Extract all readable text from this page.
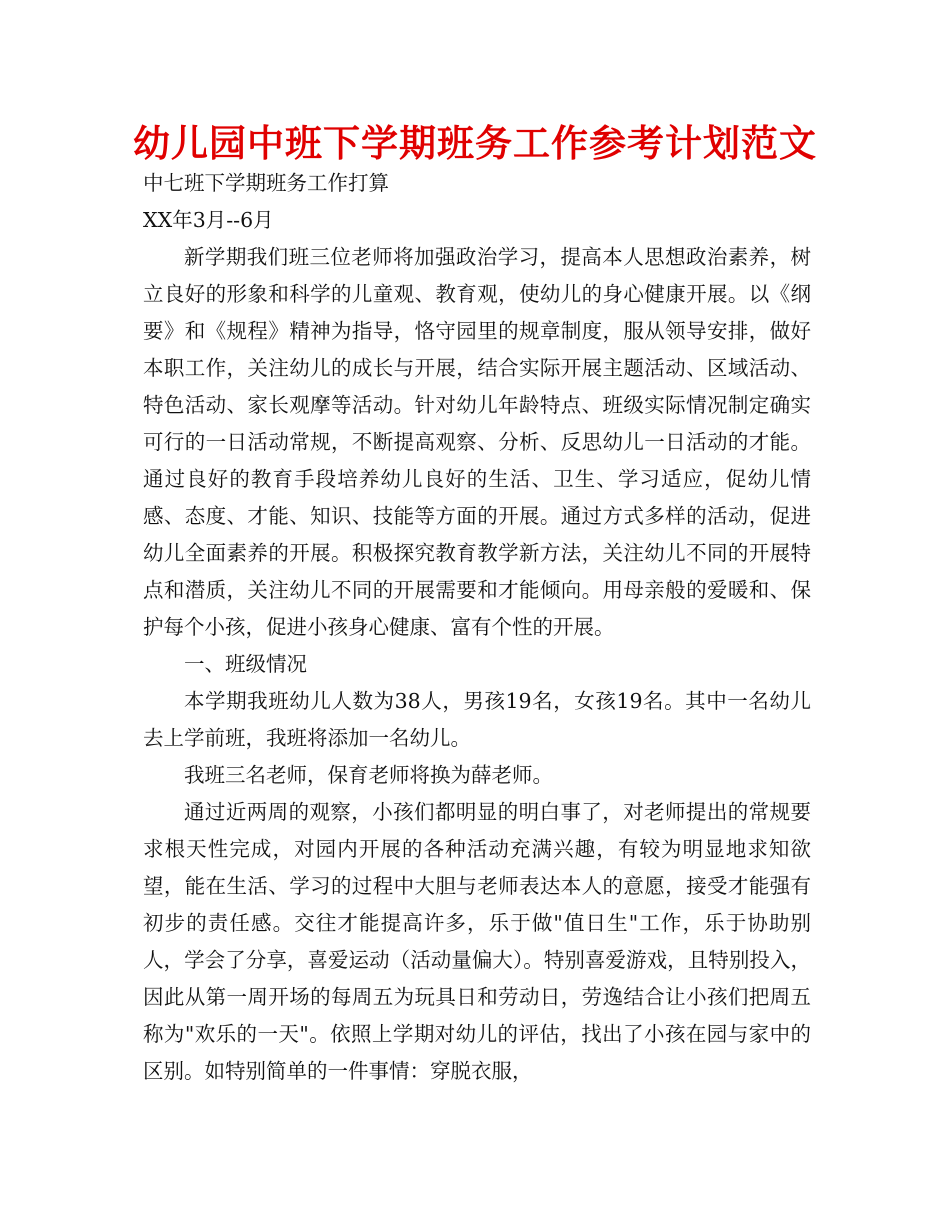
幼儿园中班下学期班务工作参考计划范文

中七班下学期班务工作打算

XX年3月--6月

新学期我们班三位老师将加强政治学习，提高本人思想政治素养，树立良好的形象和科学的儿童观、教育观，使幼儿的身心健康开展。以《纲要》和《规程》精神为指导，恪守园里的规章制度，服从领导安排，做好本职工作，关注幼儿的成长与开展，结合实际开展主题活动、区域活动、特色活动、家长观摩等活动。针对幼儿年龄特点、班级实际情况制定确实可行的一日活动常规，不断提高观察、分析、反思幼儿一日活动的才能。通过良好的教育手段培养幼儿良好的生活、卫生、学习适应，促幼儿情感、态度、才能、知识、技能等方面的开展。通过方式多样的活动，促进幼儿全面素养的开展。积极探究教育教学新方法，关注幼儿不同的开展特点和潜质，关注幼儿不同的开展需要和才能倾向。用母亲般的爱暖和、保护每个小孩，促进小孩身心健康、富有个性的开展。

一、班级情况

本学期我班幼儿人数为38人，男孩19名，女孩19名。其中一名幼儿去上学前班，我班将添加一名幼儿。

我班三名老师，保育老师将换为薛老师。

通过近两周的观察，小孩们都明显的明白事了，对老师提出的常规要求根天性完成，对园内开展的各种活动充满兴趣，有较为明显地求知欲望，能在生活、学习的过程中大胆与老师表达本人的意愿，接受才能强有初步的责任感。交往才能提高许多，乐于做"值日生"工作，乐于协助别人，学会了分享，喜爱运动（活动量偏大）。特别喜爱游戏，且特别投入，因此从第一周开场的每周五为玩具日和劳动日，劳逸结合让小孩们把周五称为"欢乐的一天"。依照上学期对幼儿的评估，找出了小孩在园与家中的区别。如特别简单的一件事情：穿脱衣服，
